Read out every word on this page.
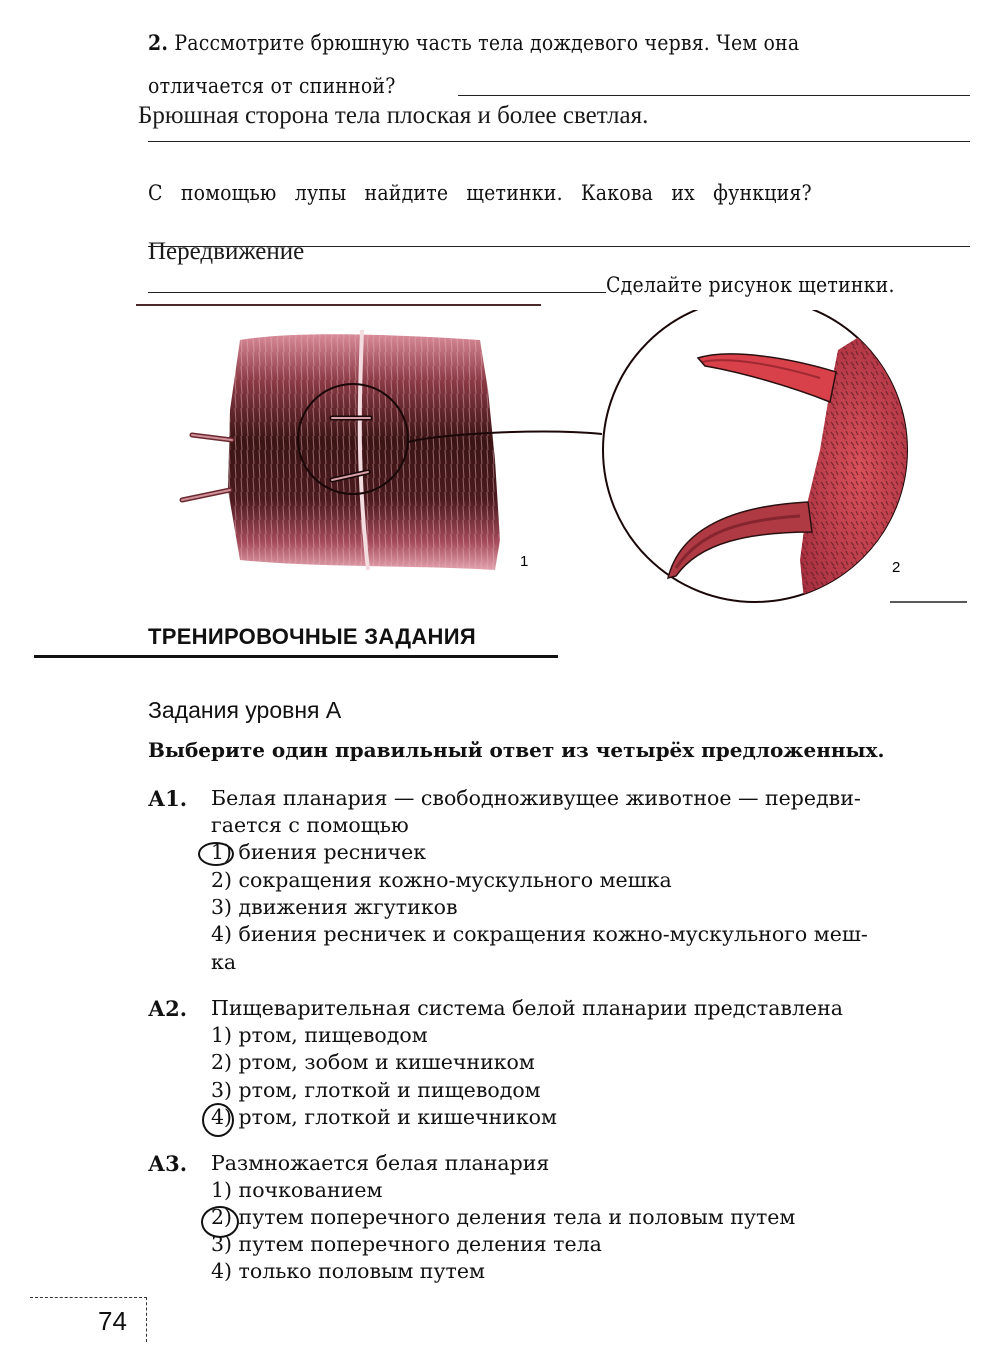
2. Рассмотрите брюшную часть тела дождевого червя. Чем она
отличается от спинной?
Брюшная сторона тела плоская и более светлая.
С помощью лупы найдите щетинки. Какова их функция?
Передвижение
Сделайте рисунок щетинки.
1	2
ТРЕНИРОВОЧНЫЕ ЗАДАНИЯ
Задания уровня А
Выберите один правильный ответ из четырёх предложенных.
А1. Белая планария — свободноживущее животное — передви-
гается с помощью
1) биения ресничек
2) сокращения кожно-мускульного мешка
3) движения жгутиков
4) биения ресничек и сокращения кожно-мускульного меш-
ка
А2. Пищеварительная система белой планарии представлена
1) ртом, пищеводом
2) ртом, зобом и кишечником
3) ртом, глоткой и пищеводом
4) ртом, глоткой и кишечником
А3. Размножается белая планария
1) почкованием
2) путем поперечного деления тела и половым путем
3) путем поперечного деления тела
4) только половым путем
74
